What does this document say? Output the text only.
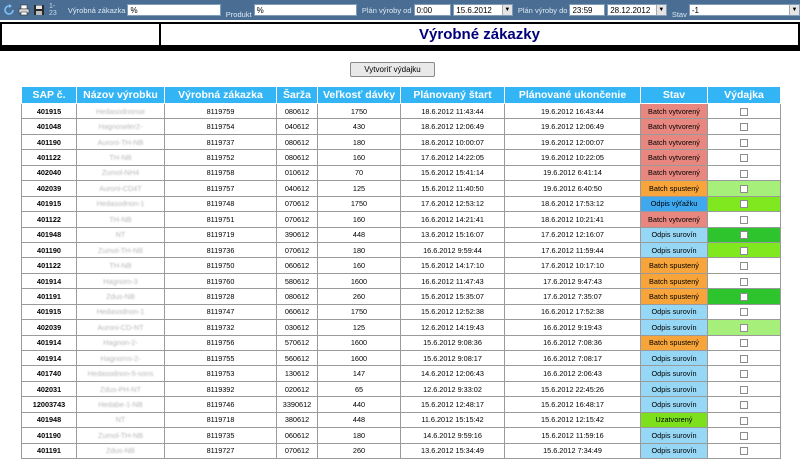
1-23	Výrobná zákazka %	Produkt %	Plán výroby od 0:00	15.6.2012	▼ Plán výroby do 23:59	28.12.2012	▼ Stav -1	▼
Výrobné zákazky
Vytvoriť výdajku
SAP č.	Názov výrobku	Výrobná zákazka	Šarža	Veľkosť dávky	Plánovaný štart	Plánované ukončenie	Stav	Výdajka
401915	Hedasodnonse	8119759	080612	1750	18.6.2012 11:43:44	19.6.2012 16:43:44	Batch vytvorený	
401048	Hagnoseler2-	8119754	040612	430	18.6.2012 12:06:49	19.6.2012 12:06:49	Batch vytvorený	
401190	Auroni-TH-NB	8119737	080612	180	18.6.2012 10:00:07	19.6.2012 12:00:07	Batch vytvorený	
401122	TH-NB	8119752	080612	160	17.6.2012 14:22:05	19.6.2012 10:22:05	Batch vytvorený	
402040	Zumol-NH4	8119758	010612	70	15.6.2012 15:41:14	19.6.2012 6:41:14	Batch vytvorený	
402039	Auroni-CD4T	8119757	040612	125	15.6.2012 11:40:50	19.6.2012 6:40:50	Batch spustený	
401915	Hedasodnon-1	8119748	070612	1750	17.6.2012 12:53:12	18.6.2012 17:53:12	Odpis výťažku	
401122	TH-NB	8119751	070612	160	16.6.2012 14:21:41	18.6.2012 10:21:41	Batch vytvorený	
401948	NT	8119719	390612	448	13.6.2012 15:16:07	17.6.2012 12:16:07	Odpis surovín	
401190	Zumol-TH-NB	8119736	070612	180	16.6.2012 9:59:44	17.6.2012 11:59:44	Odpis surovín	
401122	TH-NB	8119750	060612	160	15.6.2012 14:17:10	17.6.2012 10:17:10	Batch spustený	
401914	Hagnorn-3	8119760	580612	1600	16.6.2012 11:47:43	17.6.2012 9:47:43	Batch spustený	
401191	Zdus-NB	8119728	080612	260	15.6.2012 15:35:07	17.6.2012 7:35:07	Batch spustený	
401915	Hedasodnon-1	8119747	060612	1750	15.6.2012 12:52:38	16.6.2012 17:52:38	Odpis surovín	
402039	Auroni-CD-NT	8119732	030612	125	12.6.2012 14:19:43	16.6.2012 9:19:43	Odpis surovín	
401914	Hagnon-2-	8119756	570612	1600	15.6.2012 9:08:36	16.6.2012 7:08:36	Batch spustený	
401914	Hagnoms-2-	8119755	560612	1600	15.6.2012 9:08:17	16.6.2012 7:08:17	Odpis surovín	
401740	Hedasodnon-5-sons	8119753	130612	147	14.6.2012 12:06:43	16.6.2012 2:06:43	Odpis surovín	
402031	Zdus-PH-NT	8119392	020612	65	12.6.2012 9:33:02	15.6.2012 22:45:26	Odpis surovín	
12003743	Hedabe-1-NB	8119746	3390612	440	15.6.2012 12:48:17	15.6.2012 16:48:17	Odpis surovín	
401948	NT	8119718	380612	448	11.6.2012 15:15:42	15.6.2012 12:15:42	Uzatvorený	
401190	Zumol-TH-NB	8119735	060612	180	14.6.2012 9:59:16	15.6.2012 11:59:16	Odpis surovín	
401191	Zdus-NB	8119727	070612	260	13.6.2012 15:34:49	15.6.2012 7:34:49	Odpis surovín	
